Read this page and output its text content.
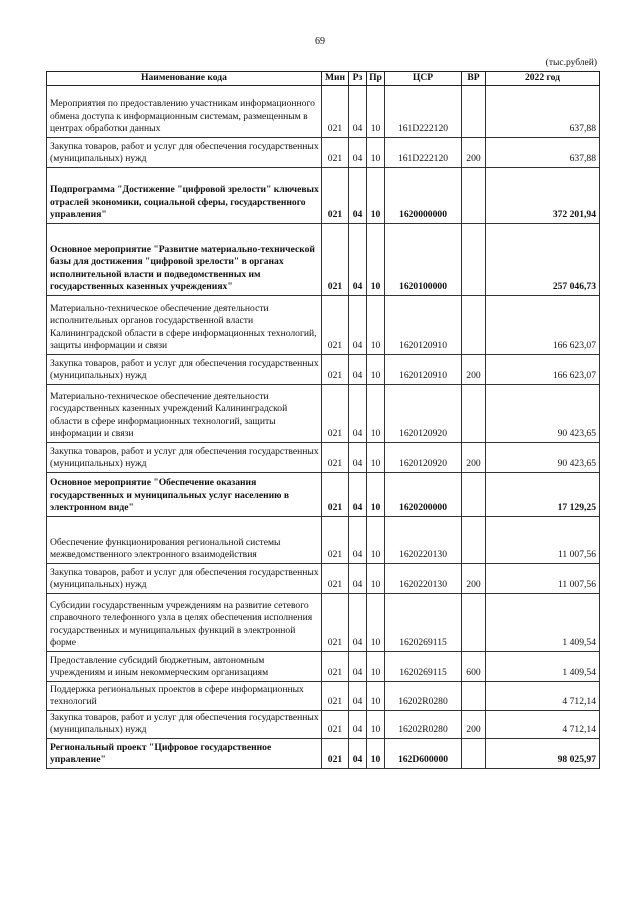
69
(тыс.рублей)
Наименование кода	Мин	Рз	Пр	ЦСР	ВР	2022 год
Мероприятия по предоставлению участникам информационного обмена доступа к информационным системам, размещенным в центрах обработки данных	021	04	10	161D222120		637,88
Закупка товаров, работ и услуг для обеспечения государственных (муниципальных) нужд	021	04	10	161D222120	200	637,88
Подпрограмма "Достижение "цифровой зрелости" ключевых отраслей экономики, социальной сферы, государственного управления"	021	04	10	1620000000		372 201,94
Основное мероприятие "Развитие материально-технической базы для достижения "цифровой зрелости" в органах исполнительной власти и подведомственных им государственных казенных учреждениях"	021	04	10	1620100000		257 046,73
Материально-техническое обеспечение деятельности исполнительных органов государственной власти Калининградской области в сфере информационных технологий, защиты информации и связи	021	04	10	1620120910		166 623,07
Закупка товаров, работ и услуг для обеспечения государственных (муниципальных) нужд	021	04	10	1620120910	200	166 623,07
Материально-техническое обеспечение деятельности государственных казенных учреждений Калининградской области в сфере информационных технологий, защиты информации и связи	021	04	10	1620120920		90 423,65
Закупка товаров, работ и услуг для обеспечения государственных (муниципальных) нужд	021	04	10	1620120920	200	90 423,65
Основное мероприятие "Обеспечение оказания государственных и муниципальных услуг населению в электронном виде"	021	04	10	1620200000		17 129,25
Обеспечение функционирования региональной системы межведомственного электронного взаимодействия	021	04	10	1620220130		11 007,56
Закупка товаров, работ и услуг для обеспечения государственных (муниципальных) нужд	021	04	10	1620220130	200	11 007,56
Субсидии государственным учреждениям на развитие сетевого справочного телефонного узла в целях обеспечения исполнения государственных и муниципальных функций в электронной форме	021	04	10	1620269115		1 409,54
Предоставление субсидий бюджетным, автономным учреждениям и иным некоммерческим организациям	021	04	10	1620269115	600	1 409,54
Поддержка региональных проектов в сфере информационных технологий	021	04	10	16202R0280		4 712,14
Закупка товаров, работ и услуг для обеспечения государственных (муниципальных) нужд	021	04	10	16202R0280	200	4 712,14
Региональный проект "Цифровое государственное управление"	021	04	10	162D600000		98 025,97
